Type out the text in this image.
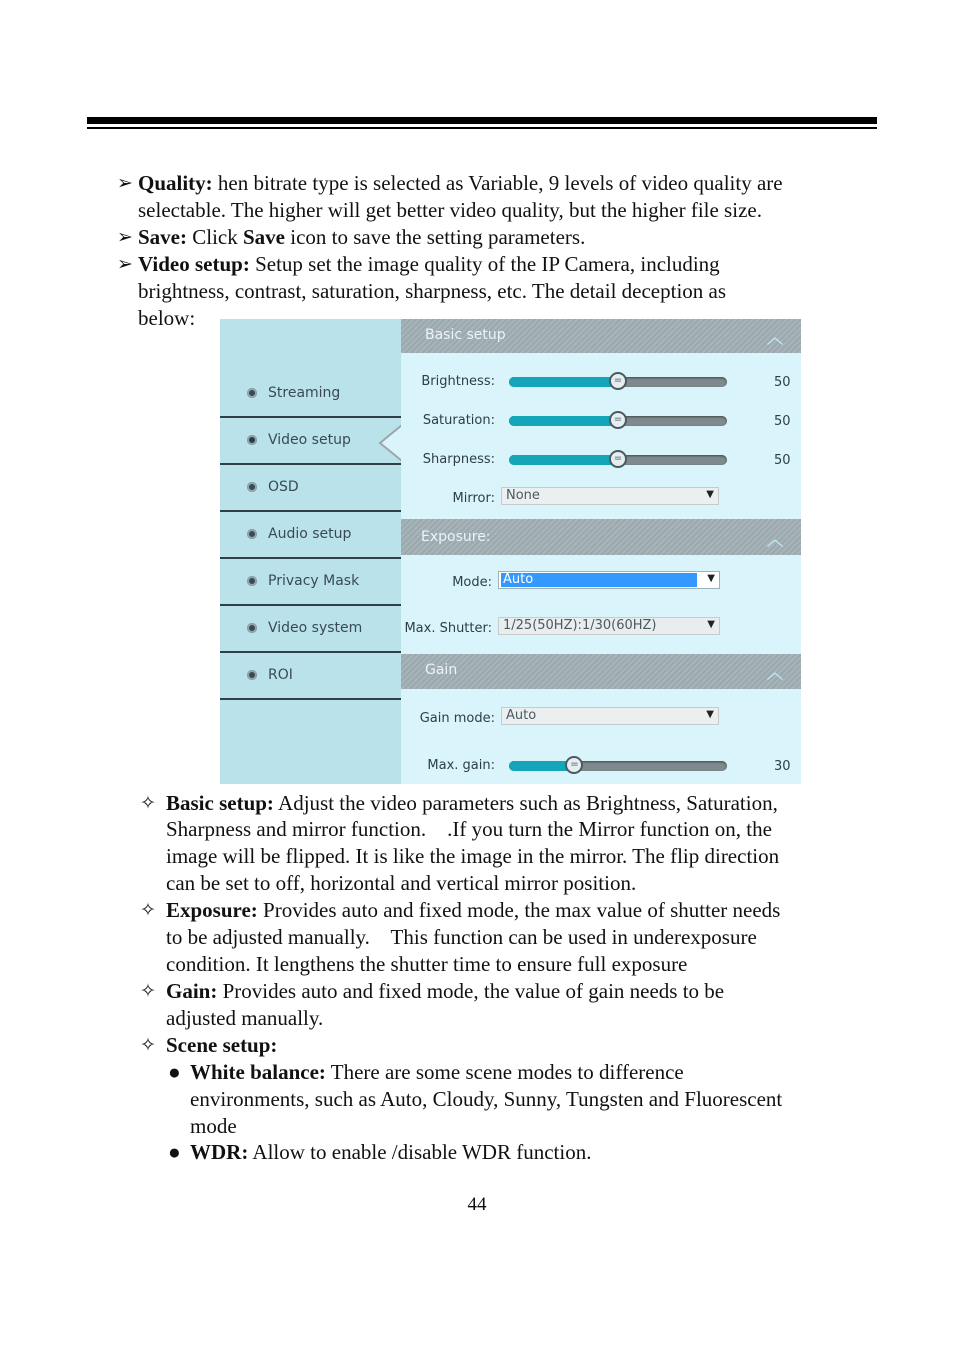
➢ Quality: hen bitrate type is selected as Variable, 9 levels of video quality are
selectable. The higher will get better video quality, but the higher file size.
➢ Save: Click Save icon to save the setting parameters.
➢ Video setup: Setup set the image quality of the IP Camera, including
brightness, contrast, saturation, sharpness, etc. The detail deception as
below:
Streaming
Video setup
OSD
Audio setup
Privacy Mask
Video system
ROI
Basic setup	︿
Brightness:	=	50
Saturation:	=	50
Sharpness:	=	50
Mirror: None	▼
Exposure:	︿
Mode: Auto	▼
Max. Shutter: 1/25(50HZ):1/30(60HZ)	▼
Gain	︿
Gain mode: Auto	▼
Max. gain:	=	30
✧ Basic setup: Adjust the video parameters such as Brightness, Saturation,
Sharpness and mirror function.    .If you turn the Mirror function on, the
image will be flipped. It is like the image in the mirror. The flip direction
can be set to off, horizontal and vertical mirror position.
✧ Exposure: Provides auto and fixed mode, the max value of shutter needs
to be adjusted manually.    This function can be used in underexposure
condition. It lengthens the shutter time to ensure full exposure
✧ Gain: Provides auto and fixed mode, the value of gain needs to be
adjusted manually.
✧ Scene setup:
● White balance: There are some scene modes to difference
environments, such as Auto, Cloudy, Sunny, Tungsten and Fluorescent
mode
● WDR: Allow to enable /disable WDR function.
44
